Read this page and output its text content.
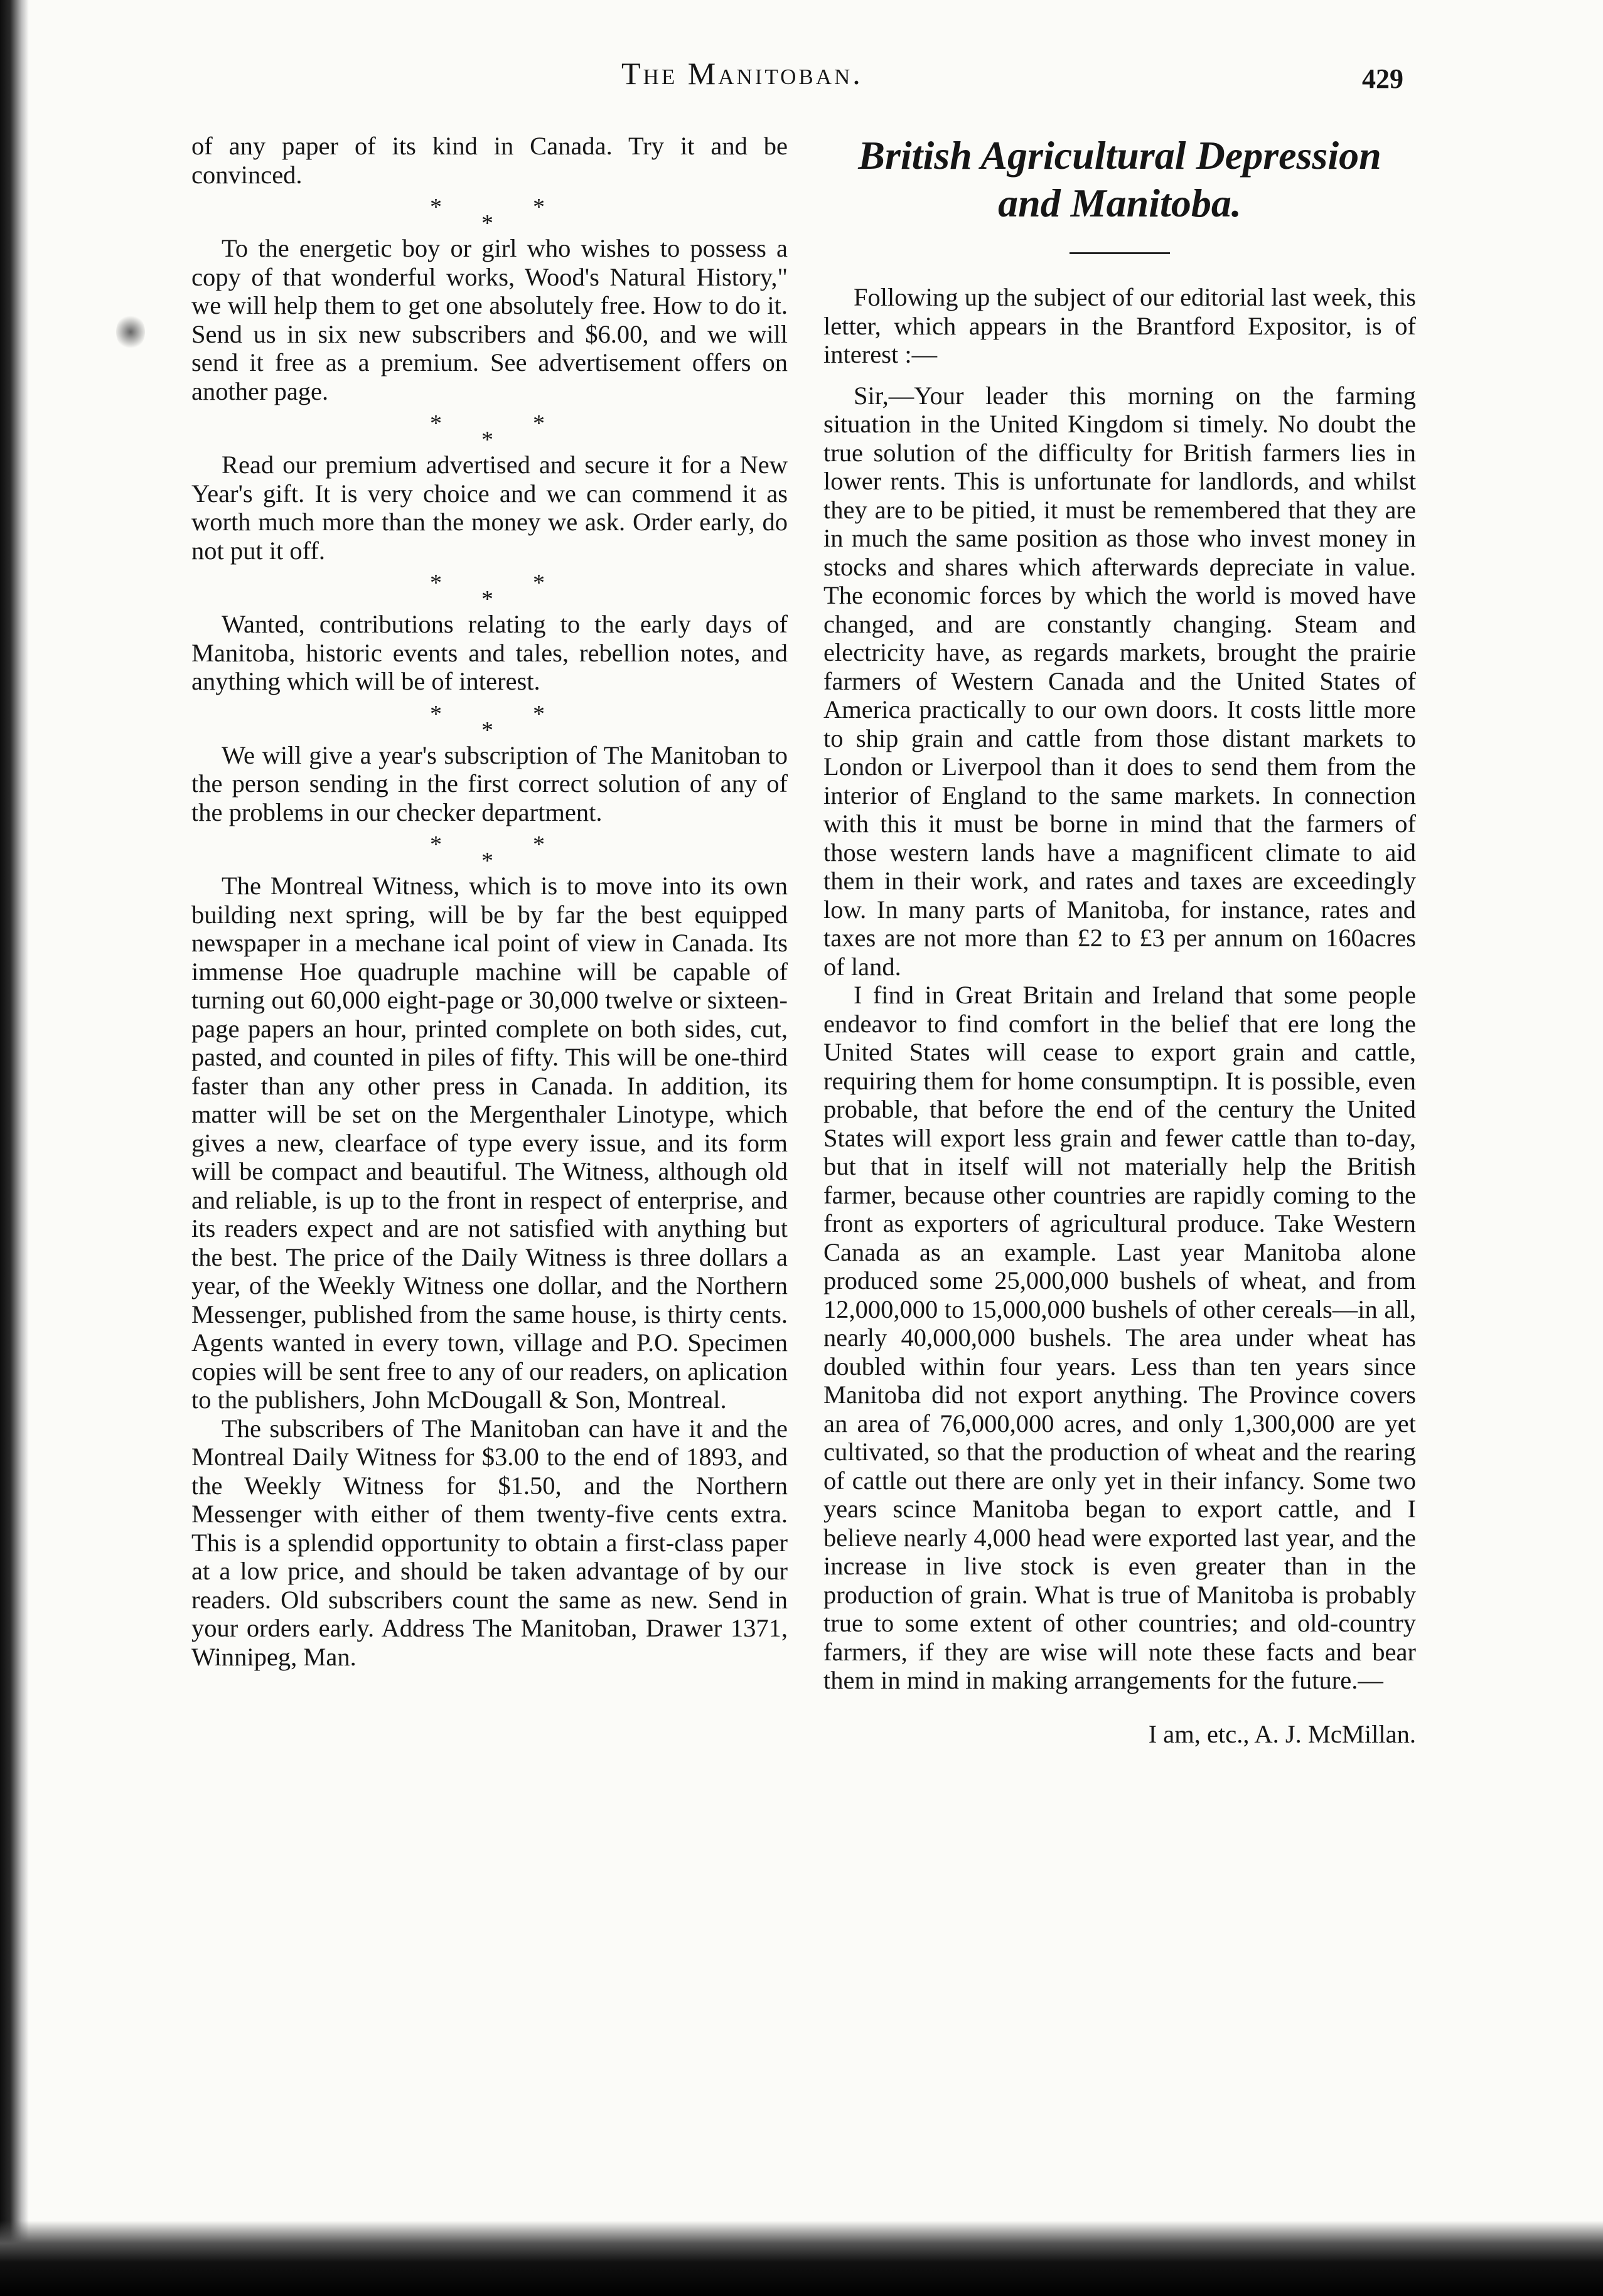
The Manitoban.	429

of any paper of its kind in Canada. Try it and be convinced.

*
*
*

To the energetic boy or girl who wishes to possess a copy of that wonderful works, Wood's Natural History," we will help them to get one absolutely free. How to do it. Send us in six new subscribers and $6.00, and we will send it free as a premium. See advertisement offers on another page.

*
*
*

Read our premium advertised and secure it for a New Year's gift. It is very choice and we can commend it as worth much more than the money we ask. Order early, do not put it off.

*
*
*

Wanted, contributions relating to the early days of Manitoba, historic events and tales, rebellion notes, and anything which will be of interest.

*
*
*

We will give a year's subscription of The Manitoban to the person sending in the first correct solution of any of the problems in our checker department.

*
*
*

The Montreal Witness, which is to move into its own building next spring, will be by far the best equipped newspaper in a mechane ical point of view in Canada. Its immense Hoe quadruple machine will be capable of turning out 60,000 eight-page or 30,000 twelve or sixteen-page papers an hour, printed complete on both sides, cut, pasted, and counted in piles of fifty. This will be one-third faster than any other press in Canada. In addition, its matter will be set on the Mergenthaler Linotype, which gives a new, clearface of type every issue, and its form will be compact and beautiful. The Witness, although old and reliable, is up to the front in respect of enterprise, and its readers expect and are not satisfied with anything but the best. The price of the Daily Witness is three dollars a year, of the Weekly Witness one dollar, and the Northern Messenger, published from the same house, is thirty cents. Agents wanted in every town, village and P.O. Specimen copies will be sent free to any of our readers, on aplication to the publishers, John McDougall & Son, Montreal.

The subscribers of The Manitoban can have it and the Montreal Daily Witness for $3.00 to the end of 1893, and the Weekly Witness for $1.50, and the Northern Messenger with either of them twenty-five cents extra. This is a splendid opportunity to obtain a first-class paper at a low price, and should be taken advantage of by our readers. Old subscribers count the same as new. Send in your orders early. Address The Manitoban, Drawer 1371, Winnipeg, Man.

British Agricultural Depression and Manitoba.

Following up the subject of our editorial last week, this letter, which appears in the Brantford Expositor, is of interest :—

Sir,—Your leader this morning on the farming situation in the United Kingdom si timely. No doubt the true solution of the difficulty for British farmers lies in lower rents. This is unfortunate for landlords, and whilst they are to be pitied, it must be remembered that they are in much the same position as those who invest money in stocks and shares which afterwards depreciate in value. The economic forces by which the world is moved have changed, and are constantly changing. Steam and electricity have, as regards markets, brought the prairie farmers of Western Canada and the United States of America practically to our own doors. It costs little more to ship grain and cattle from those distant markets to London or Liverpool than it does to send them from the interior of England to the same markets. In connection with this it must be borne in mind that the farmers of those western lands have a magnificent climate to aid them in their work, and rates and taxes are exceedingly low. In many parts of Manitoba, for instance, rates and taxes are not more than £2 to £3 per annum on 160acres of land.

I find in Great Britain and Ireland that some people endeavor to find comfort in the belief that ere long the United States will cease to export grain and cattle, requiring them for home consumptipn. It is possible, even probable, that before the end of the century the United States will export less grain and fewer cattle than to-day, but that in itself will not materially help the British farmer, because other countries are rapidly coming to the front as exporters of agricultural produce. Take Western Canada as an example. Last year Manitoba alone produced some 25,000,000 bushels of wheat, and from 12,000,000 to 15,000,000 bushels of other cereals—in all, nearly 40,000,000 bushels. The area under wheat has doubled within four years. Less than ten years since Manitoba did not export anything. The Province covers an area of 76,000,000 acres, and only 1,300,000 are yet cultivated, so that the production of wheat and the rearing of cattle out there are only yet in their infancy. Some two years scince Manitoba began to export cattle, and I believe nearly 4,000 head were exported last year, and the increase in live stock is even greater than in the production of grain. What is true of Manitoba is probably true to some extent of other countries; and old-country farmers, if they are wise will note these facts and bear them in mind in making arrangements for the future.—

I am, etc., A. J. McMillan.
